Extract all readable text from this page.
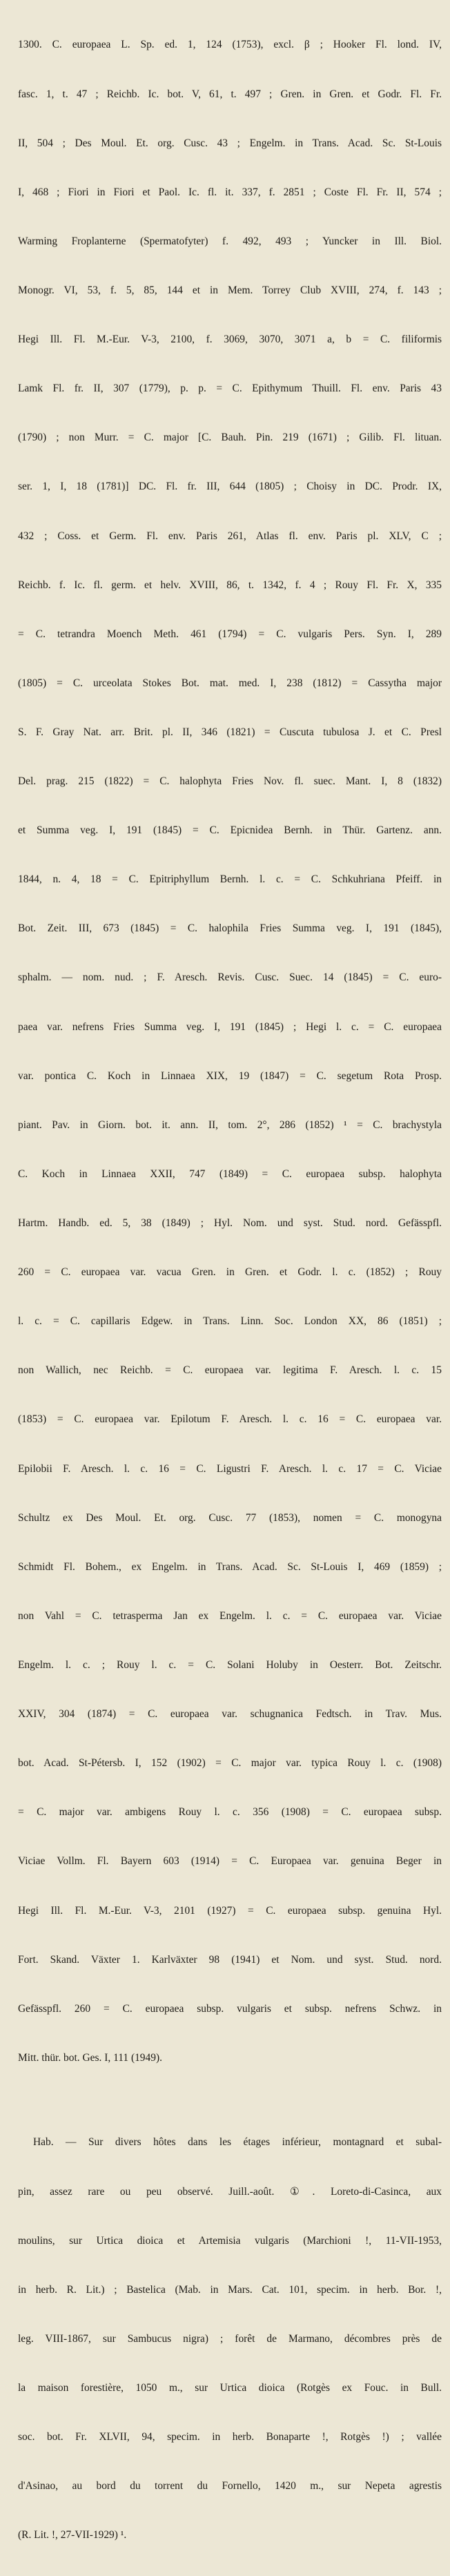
1300. C. europaea L. Sp. ed. 1, 124 (1753), excl. β ; Hooker Fl. lond. IV,

fasc. 1, t. 47 ; Reichb. Ic. bot. V, 61, t. 497 ; Gren. in Gren. et Godr. Fl. Fr.

II, 504 ; Des Moul. Et. org. Cusc. 43 ; Engelm. in Trans. Acad. Sc. St-Louis

I, 468 ; Fiori in Fiori et Paol. Ic. fl. it. 337, f. 2851 ; Coste Fl. Fr. II, 574 ;

Warming Froplanterne (Spermatofyter) f. 492, 493 ; Yuncker in Ill. Biol.

Monogr. VI, 53, f. 5, 85, 144 et in Mem. Torrey Club XVIII, 274, f. 143 ;

Hegi Ill. Fl. M.-Eur. V-3, 2100, f. 3069, 3070, 3071 a, b = C. filiformis

Lamk Fl. fr. II, 307 (1779), p. p. = C. Epithymum Thuill. Fl. env. Paris 43

(1790) ; non Murr. = C. major [C. Bauh. Pin. 219 (1671) ; Gilib. Fl. lituan.

ser. 1, I, 18 (1781)] DC. Fl. fr. III, 644 (1805) ; Choisy in DC. Prodr. IX,

432 ; Coss. et Germ. Fl. env. Paris 261, Atlas fl. env. Paris pl. XLV, C ;

Reichb. f. Ic. fl. germ. et helv. XVIII, 86, t. 1342, f. 4 ; Rouy Fl. Fr. X, 335

= C. tetrandra Moench Meth. 461 (1794) = C. vulgaris Pers. Syn. I, 289

(1805) = C. urceolata Stokes Bot. mat. med. I, 238 (1812) = Cassytha major

S. F. Gray Nat. arr. Brit. pl. II, 346 (1821) = Cuscuta tubulosa J. et C. Presl

Del. prag. 215 (1822) = C. halophyta Fries Nov. fl. suec. Mant. I, 8 (1832)

et Summa veg. I, 191 (1845) = C. Epicnidea Bernh. in Thür. Gartenz. ann.

1844, n. 4, 18 = C. Epitriphyllum Bernh. l. c. = C. Schkuhriana Pfeiff. in

Bot. Zeit. III, 673 (1845) = C. halophila Fries Summa veg. I, 191 (1845),

sphalm. — nom. nud. ; F. Aresch. Revis. Cusc. Suec. 14 (1845) = C. euro-

paea var. nefrens Fries Summa veg. I, 191 (1845) ; Hegi l. c. = C. europaea

var. pontica C. Koch in Linnaea XIX, 19 (1847) = C. segetum Rota Prosp.

piant. Pav. in Giorn. bot. it. ann. II, tom. 2°, 286 (1852) ¹ = C. brachystyla

C. Koch in Linnaea XXII, 747 (1849) = C. europaea subsp. halophyta

Hartm. Handb. ed. 5, 38 (1849) ; Hyl. Nom. und syst. Stud. nord. Gefässpfl.

260 = C. europaea var. vacua Gren. in Gren. et Godr. l. c. (1852) ; Rouy

l. c. = C. capillaris Edgew. in Trans. Linn. Soc. London XX, 86 (1851) ;

non Wallich, nec Reichb. = C. europaea var. legitima F. Aresch. l. c. 15

(1853) = C. europaea var. Epilotum F. Aresch. l. c. 16 = C. europaea var.

Epilobii F. Aresch. l. c. 16 = C. Ligustri F. Aresch. l. c. 17 = C. Viciae

Schultz ex Des Moul. Et. org. Cusc. 77 (1853), nomen = C. monogyna

Schmidt Fl. Bohem., ex Engelm. in Trans. Acad. Sc. St-Louis I, 469 (1859) ;

non Vahl = C. tetrasperma Jan ex Engelm. l. c. = C. europaea var. Viciae

Engelm. l. c. ; Rouy l. c. = C. Solani Holuby in Oesterr. Bot. Zeitschr.

XXIV, 304 (1874) = C. europaea var. schugnanica Fedtsch. in Trav. Mus.

bot. Acad. St-Pétersb. I, 152 (1902) = C. major var. typica Rouy l. c. (1908)

= C. major var. ambigens Rouy l. c. 356 (1908) = C. europaea subsp.

Viciae Vollm. Fl. Bayern 603 (1914) = C. Europaea var. genuina Beger in

Hegi Ill. Fl. M.-Eur. V-3, 2101 (1927) = C. europaea subsp. genuina Hyl.

Fort. Skand. Växter 1. Karlväxter 98 (1941) et Nom. und syst. Stud. nord.

Gefässpfl. 260 = C. europaea subsp. vulgaris et subsp. nefrens Schwz. in

Mitt. thür. bot. Ges. I, 111 (1949).

Hab. — Sur divers hôtes dans les étages inférieur, montagnard et subal-

pin, assez rare ou peu observé. Juill.-août. ①. Loreto-di-Casinca, aux

moulins, sur Urtica dioica et Artemisia vulgaris (Marchioni !, 11-VII-1953,

in herb. R. Lit.) ; Bastelica (Mab. in Mars. Cat. 101, specim. in herb. Bor. !,

leg. VIII-1867, sur Sambucus nigra) ; forêt de Marmano, décombres près de

la maison forestière, 1050 m., sur Urtica dioica (Rotgès ex Fouc. in Bull.

soc. bot. Fr. XLVII, 94, specim. in herb. Bonaparte !, Rotgès !) ; vallée

d'Asinao, au bord du torrent du Fornello, 1420 m., sur Nepeta agrestis

(R. Lit. !, 27-VII-1929) ¹.
